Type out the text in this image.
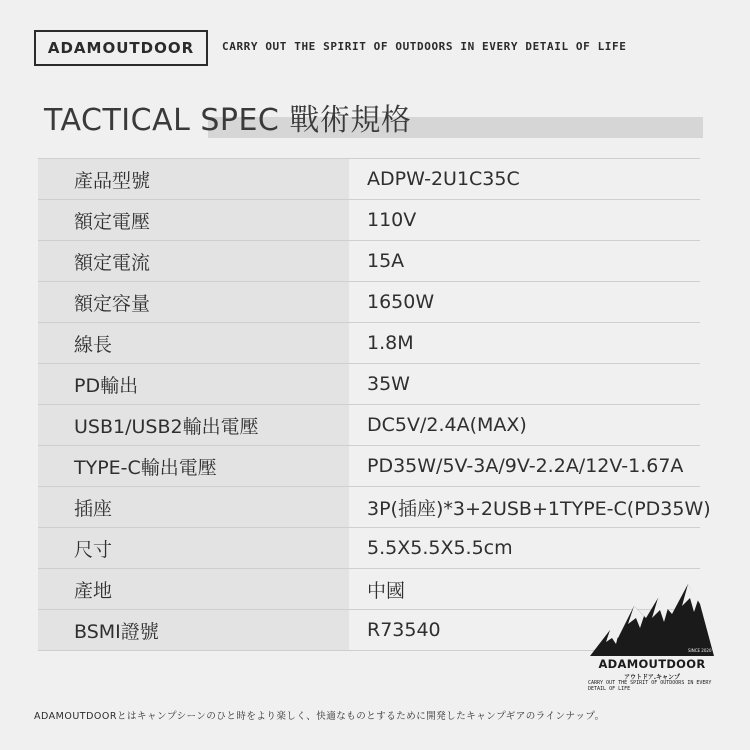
ADAMOUTDOOR	CARRY OUT THE SPIRIT OF OUTDOORS IN EVERY DETAIL OF LIFE
TACTICAL SPEC 戰術規格
產品型號	ADPW-2U1C35C
額定電壓	110V
額定電流	15A
額定容量	1650W
線長	1.8M
PD輸出	35W
USB1/USB2輸出電壓	DC5V/2.4A(MAX)
TYPE-C輸出電壓	PD35W/5V-3A/9V-2.2A/12V-1.67A
插座	3P(插座)*3+2USB+1TYPE-C(PD35W)
尺寸	5.5X5.5X5.5cm
產地	中國
BSMI證號	R73540
SINCE 2020
ADAMOUTDOOR
アウトドア.キャンプ
CARRY OUT THE SPIRIT OF OUTDOORS IN EVERY DETAIL OF LIFE
ADAMOUTDOORとはキャンプシーンのひと時をより楽しく、快適なものとするために開発したキャンプギアのラインナップ。
